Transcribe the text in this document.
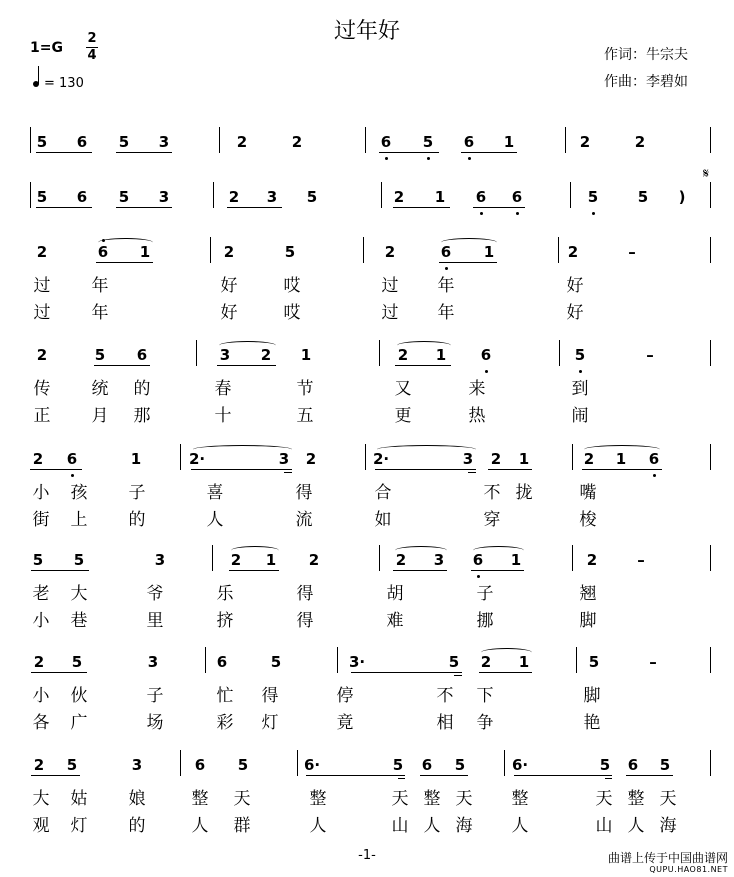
过年好
1=G
2
4
= 130
作词：牛宗夫
作曲：李碧如
5 6 5 3	2	2	6 5 6 1	2	2
5 6 5 3	2 3 5	2 1 6 6	5	5	)
2	6 1	2	5	2	6 1	2	–
过 年	好	哎	过 年	好
过 年	好	哎	过 年	好
2	5 6	3 2 1	2 1 6	5	–
传 统 的	春	节	又	来	到
正 月 那	十	五	更	热	闹
2 6	1	2·	3 2	2·	3 2 1	2 1 6
小 孩 子	喜	得	合	不 拢	嘴
街 上 的	人	流	如	穿	梭
5 5	3	2 1 2	2 3 6 1	2	–
老 大	爷	乐	得	胡	子	翘
小 巷	里	挤	得	难	挪	脚
2 5	3	6	5	3·	5 2 1	5	–
小 伙	子	忙 得	停	不 下	脚
各 广	场	彩 灯	竟	相 争	艳
2 5	3	6 5	6·	5 6 5	6·	5 6 5
大 姑 娘	整 天	整	天 整 天 整	天 整 天
观 灯 的	人 群	人	山 人 海 人	山 人 海
𝄋
-1-	曲谱上传于中国曲谱网
QUPU.HAO81.NET
